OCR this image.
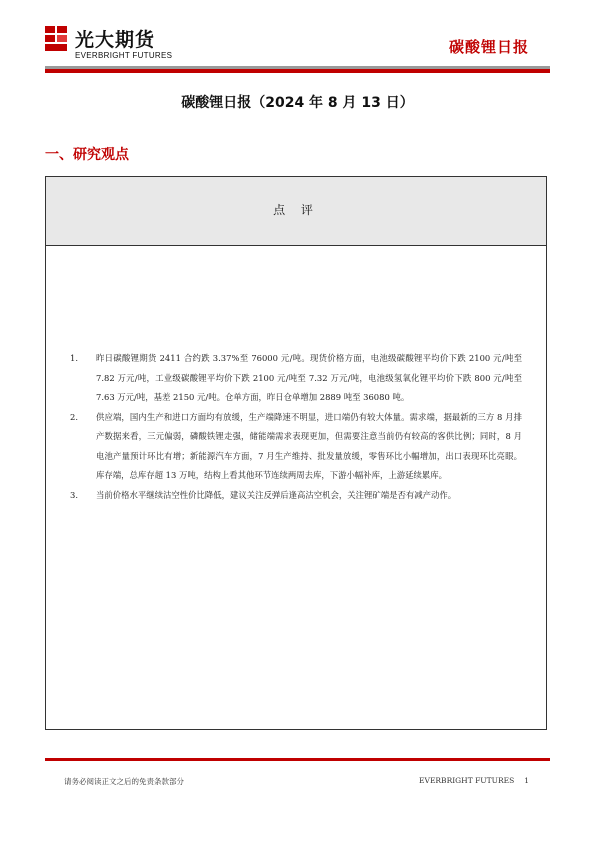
光大期货
EVERBRIGHT FUTURES	碳酸锂日报
碳酸锂日报（2024 年 8 月 13 日）
一、研究观点
点 评
1. 昨日碳酸锂期货 2411 合约跌 3.37%至 76000 元/吨。现货价格方面，电池级碳酸锂平均价下跌 2100 元/吨至 7.82 万元/吨，工业级碳酸锂平均价下跌 2100 元/吨至 7.32 万元/吨，电池级氢氧化锂平均价下跌 800 元/吨至 7.63 万元/吨，基差 2150 元/吨。仓单方面，昨日仓单增加 2889 吨至 36080 吨。
2. 供应端，国内生产和进口方面均有放缓，生产端降速不明显，进口端仍有较大体量。需求端，据最新的三方 8 月排产数据来看，三元偏弱，磷酸铁锂走强，储能端需求表现更加，但需要注意当前仍有较高的客供比例；同时，8 月电池产量预计环比有增；新能源汽车方面，7 月生产维持、批发量放缓，零售环比小幅增加，出口表现环比亮眼。库存端，总库存超 13 万吨，结构上看其他环节连续两周去库，下游小幅补库，上游延续累库。
3. 当前价格水平继续沽空性价比降低，建议关注反弹后逢高沽空机会，关注锂矿端是否有减产动作。
请务必阅读正文之后的免责条款部分	EVERBRIGHT FUTURES 1
